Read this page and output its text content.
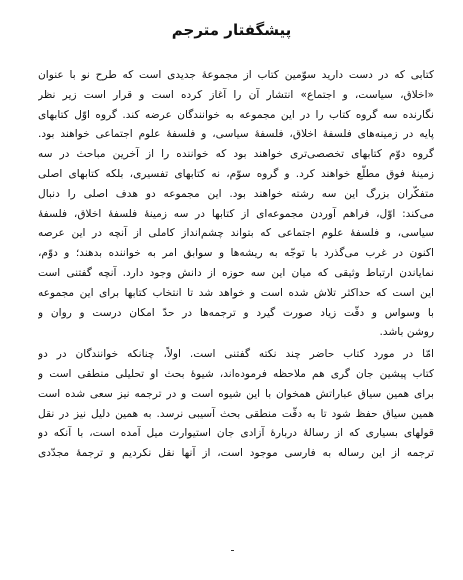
پیشگفتار مترجم
کتابی که در دست دارید سوّمین کتاب از مجموعهٔ جدیدی است که طرح نو با عنوان
«اخلاق، سیاست، و اجتماع» انتشار آن را آغاز کرده است و قرار است زیر نظر
نگارنده سه گروه کتاب را در این مجموعه به خوانندگان عرضه کند. گروه اوّل کتابهای
پایه در زمینه‌های فلسفهٔ اخلاق، فلسفهٔ سیاسی، و فلسفهٔ علوم اجتماعی خواهند بود.
گروه دوّم کتابهای تخصصی‌تری خواهند بود که خواننده را از آخرین مباحث در سه
زمینهٔ فوق مطلّع خواهند کرد. و گروه سوّم، نه کتابهای تفسیری، بلکه کتابهای اصلی
متفکّران بزرگ این سه رشته خواهند بود. این مجموعه دو هدف اصلی را دنبال
می‌کند: اوّل، فراهم آوردن مجموعه‌ای از کتابها در سه زمینهٔ فلسفهٔ اخلاق، فلسفهٔ
سیاسی، و فلسفهٔ علوم اجتماعی که بتواند چشم‌انداز کاملی از آنچه در این عرصه
اکنون در غرب می‌گذرد با توجّه به ریشه‌ها و سوابق امر به خواننده بدهند؛ و دوّم،
نمایاندن ارتباط وثیقی که میان این سه حوزه از دانش وجود دارد. آنچه گفتنی است
این است که حداکثر تلاش شده است و خواهد شد تا انتخاب کتابها برای این مجموعه
با وسواس و دقّت زیاد صورت گیرد و ترجمه‌ها در حدّ امکان درست و روان و
روشن باشد.
امّا در مورد کتاب حاضر چند نکته گفتنی است. اولاً، چنانکه خوانندگان در دو
کتاب پیشین جان گری هم ملاحظه فرموده‌اند، شیوهٔ بحث او تحلیلی منطقی است و
برای همین سیاق عباراتش همخوان با این شیوه است و در ترجمه نیز سعی شده است
همین سیاق حفظ شود تا به دقّت منطقی بحث آسیبی نرسد. به همین دلیل نیز در نقل
قولهای بسیاری که از رسالهٔ دربارهٔ آزادی جان استیوارت میل آمده است، با آنکه دو
ترجمه از این رساله به فارسی موجود است، از آنها نقل نکردیم و ترجمهٔ مجدّدی
